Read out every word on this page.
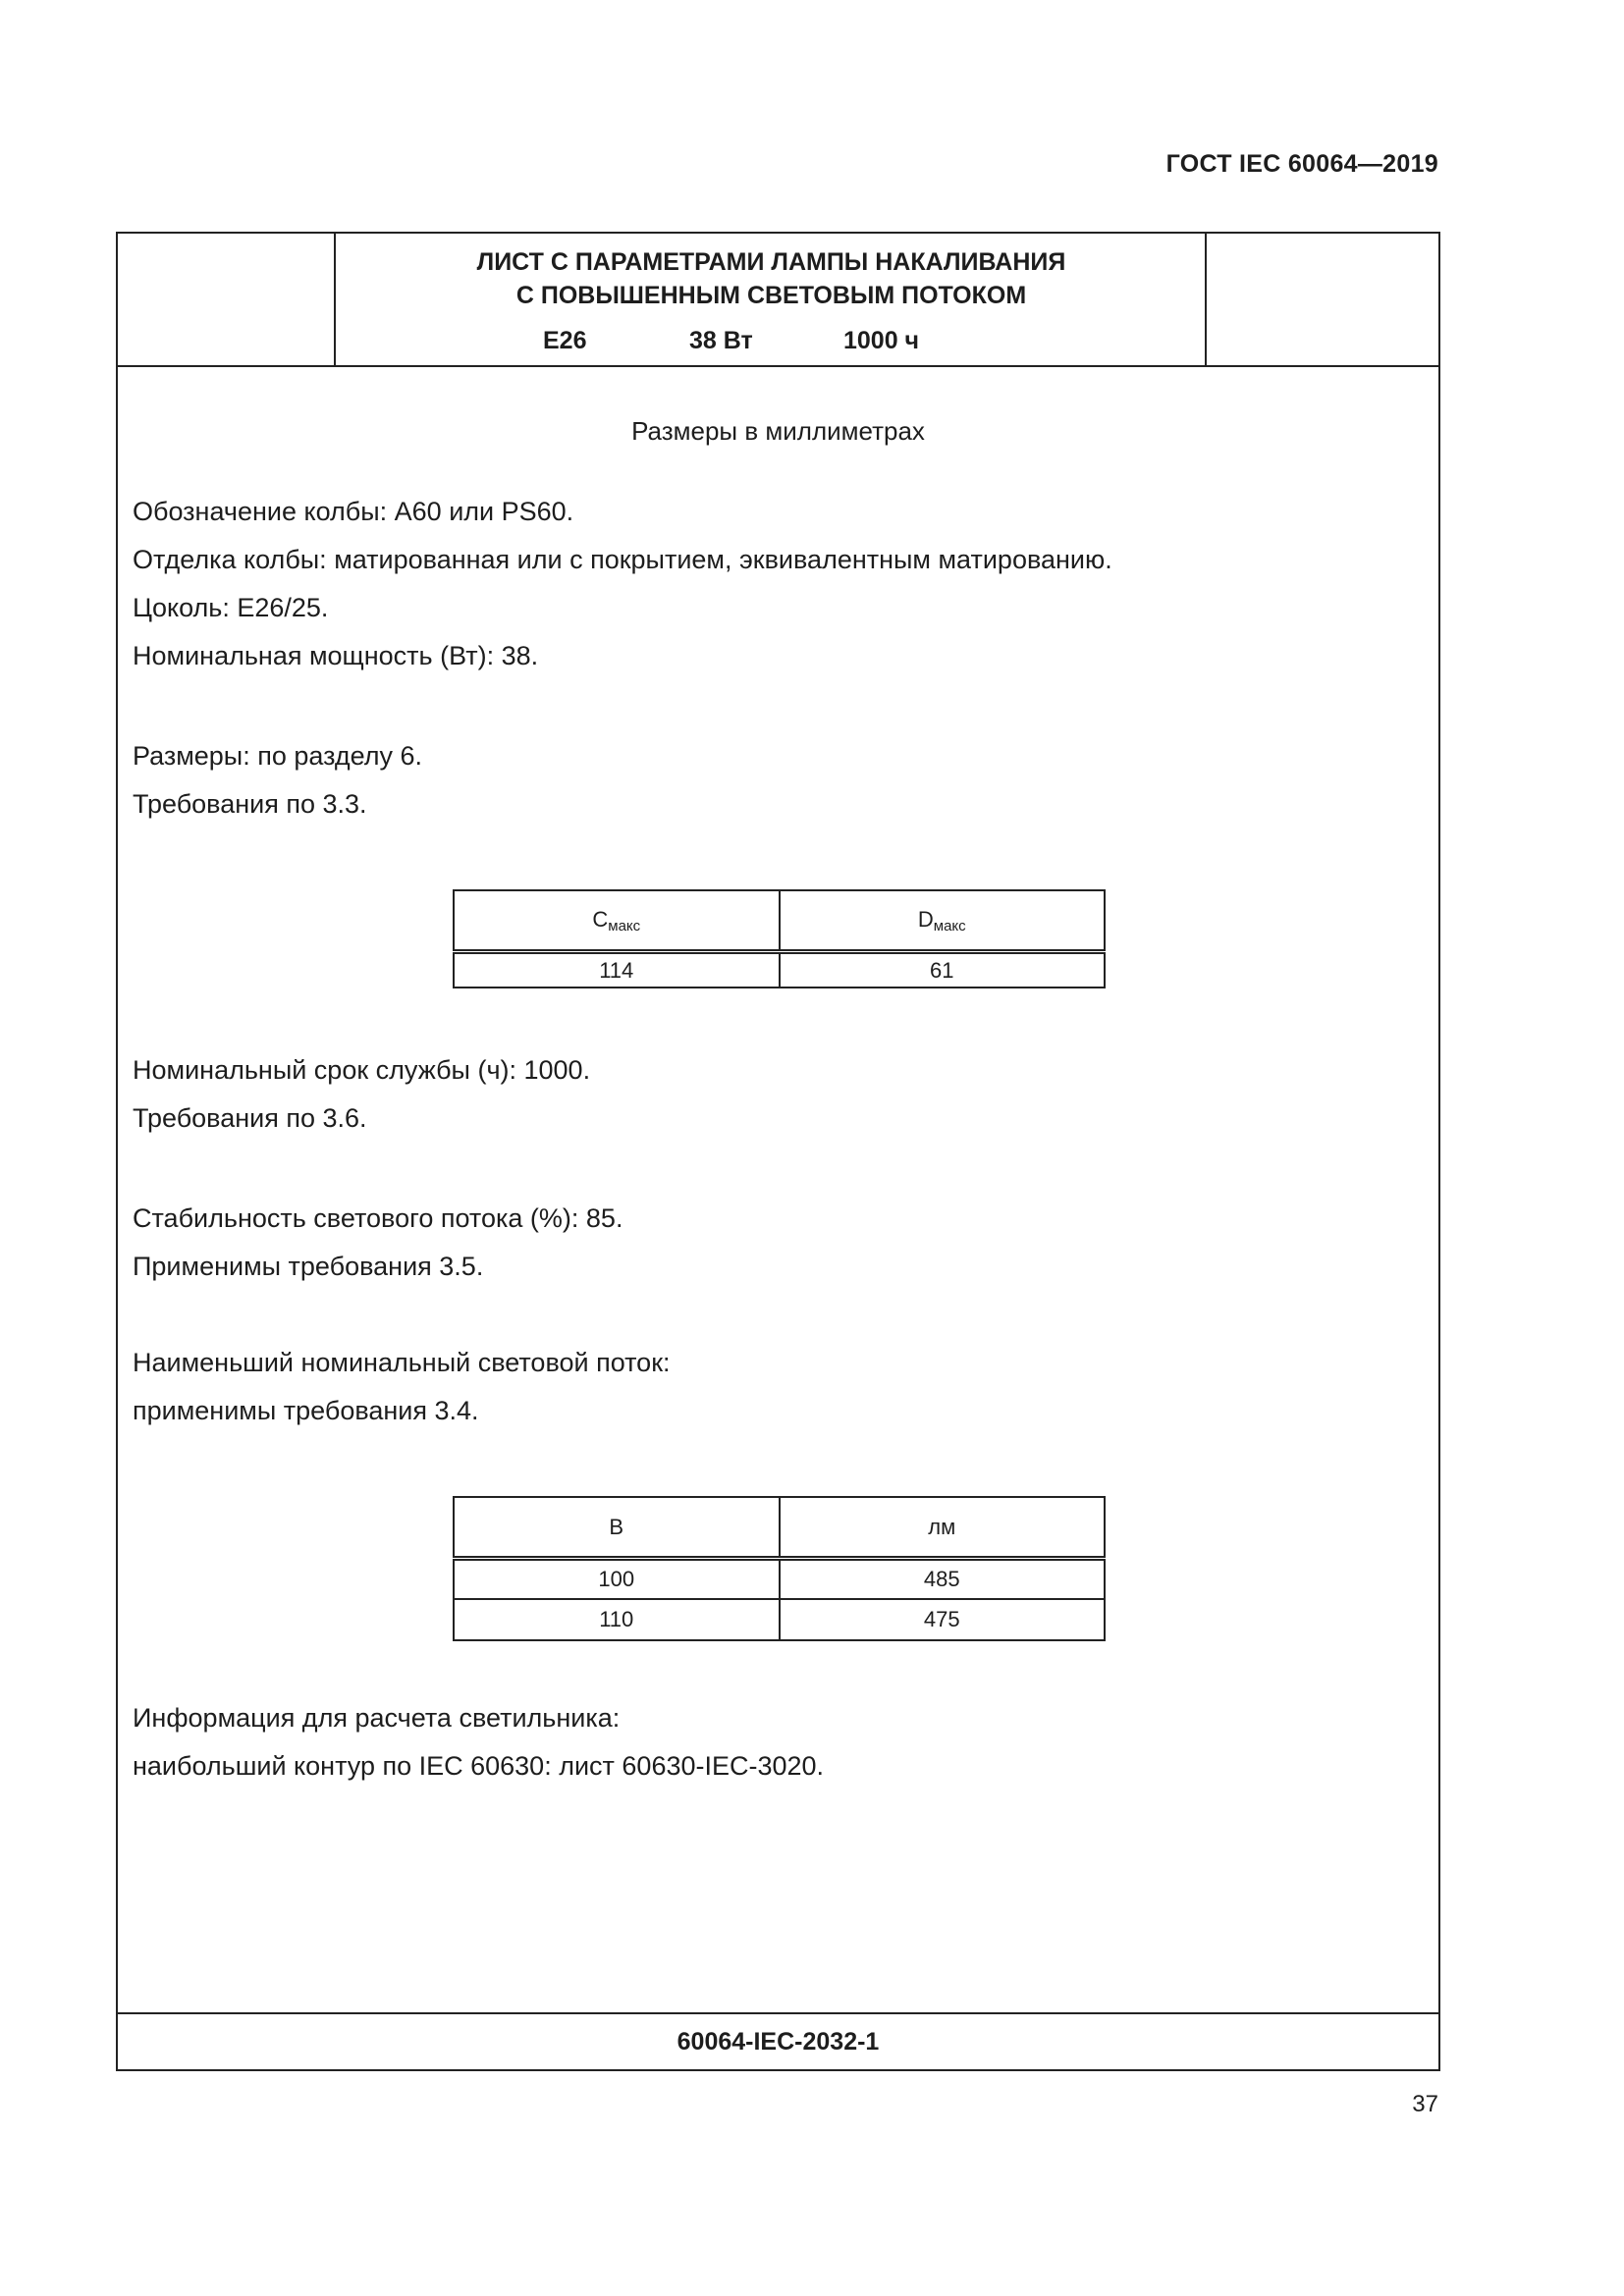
ГОСТ IEC 60064—2019
ЛИСТ С ПАРАМЕТРАМИ ЛАМПЫ НАКАЛИВАНИЯ
С ПОВЫШЕННЫМ СВЕТОВЫМ ПОТОКОМ
E26	38 Вт	1000 ч
Размеры в миллиметрах
Обозначение колбы: A60 или PS60.
Отделка колбы: матированная или с покрытием, эквивалентным матированию.
Цоколь: E26/25.
Номинальная мощность (Вт): 38.
Размеры: по разделу 6.
Требования по 3.3.
$C_{макс}$	$D_{макс}$
114	61
Номинальный срок службы (ч): 1000.
Требования по 3.6.
Стабильность светового потока (%): 85.
Применимы требования 3.5.
Наименьший номинальный световой поток:
применимы требования 3.4.
В	лм
100	485
110	475
Информация для расчета светильника:
наибольший контур по IEC 60630: лист 60630-IEC-3020.
60064-IEC-2032-1
37
